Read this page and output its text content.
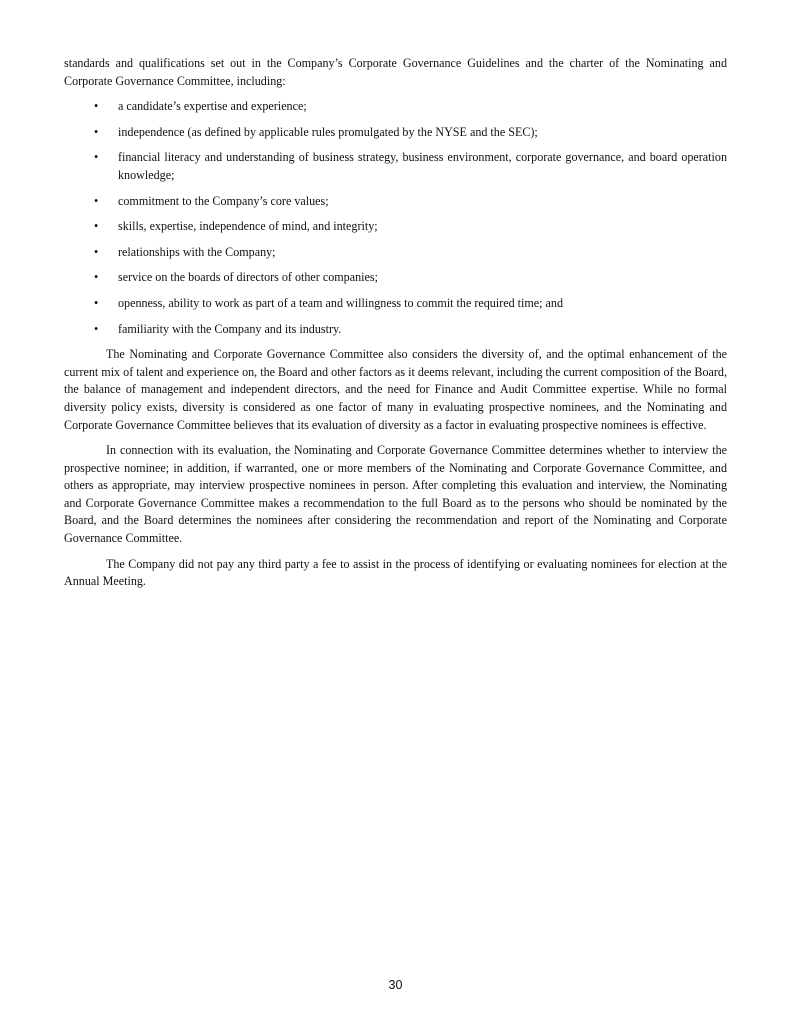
standards and qualifications set out in the Company’s Corporate Governance Guidelines and the charter of the Nominating and Corporate Governance Committee, including:

• a candidate’s expertise and experience;
• independence (as defined by applicable rules promulgated by the NYSE and the SEC);
• financial literacy and understanding of business strategy, business environment, corporate governance, and board operation knowledge;
• commitment to the Company’s core values;
• skills, expertise, independence of mind, and integrity;
• relationships with the Company;
• service on the boards of directors of other companies;
• openness, ability to work as part of a team and willingness to commit the required time; and
• familiarity with the Company and its industry.

The Nominating and Corporate Governance Committee also considers the diversity of, and the optimal enhancement of the current mix of talent and experience on, the Board and other factors as it deems relevant, including the current composition of the Board, the balance of management and independent directors, and the need for Finance and Audit Committee expertise. While no formal diversity policy exists, diversity is considered as one factor of many in evaluating prospective nominees, and the Nominating and Corporate Governance Committee believes that its evaluation of diversity as a factor in evaluating prospective nominees is effective.

In connection with its evaluation, the Nominating and Corporate Governance Committee determines whether to interview the prospective nominee; in addition, if warranted, one or more members of the Nominating and Corporate Governance Committee, and others as appropriate, may interview prospective nominees in person. After completing this evaluation and interview, the Nominating and Corporate Governance Committee makes a recommendation to the full Board as to the persons who should be nominated by the Board, and the Board determines the nominees after considering the recommendation and report of the Nominating and Corporate Governance Committee.

The Company did not pay any third party a fee to assist in the process of identifying or evaluating nominees for election at the Annual Meeting.

30
